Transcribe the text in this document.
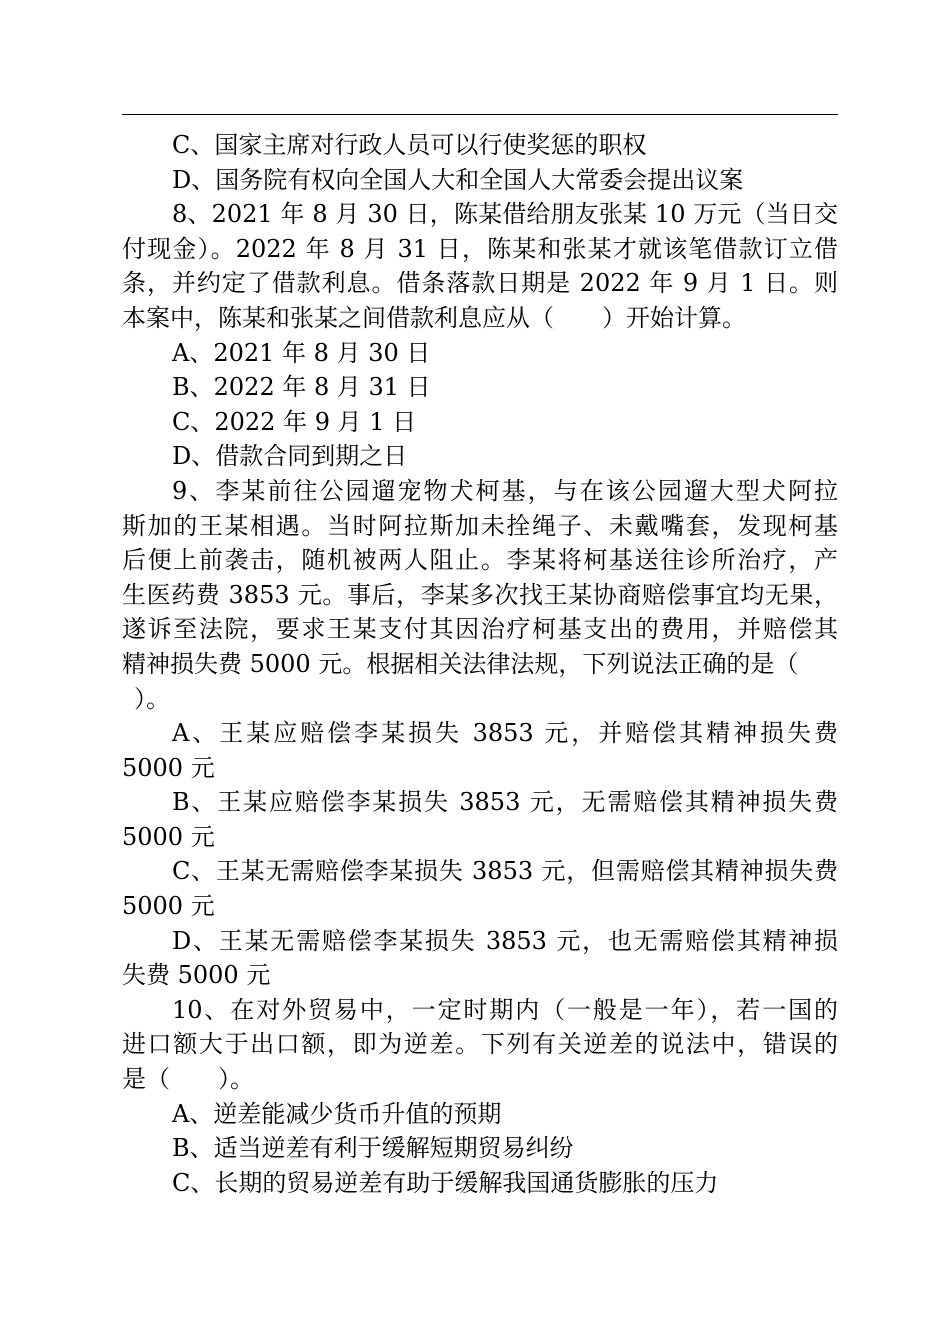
C、国家主席对行政人员可以行使奖惩的职权
D、国务院有权向全国人大和全国人大常委会提出议案
8、2021 年 8 月 30 日，陈某借给朋友张某 10 万元（当日交
付现金）。2022 年 8 月 31 日，陈某和张某才就该笔借款订立借
条，并约定了借款利息。借条落款日期是 2022 年 9 月 1 日。则
本案中，陈某和张某之间借款利息应从（　　）开始计算。
A、2021 年 8 月 30 日
B、2022 年 8 月 31 日
C、2022 年 9 月 1 日
D、借款合同到期之日
9、李某前往公园遛宠物犬柯基，与在该公园遛大型犬阿拉
斯加的王某相遇。当时阿拉斯加未拴绳子、未戴嘴套，发现柯基
后便上前袭击，随机被两人阻止。李某将柯基送往诊所治疗，产
生医药费 3853 元。事后，李某多次找王某协商赔偿事宜均无果，
遂诉至法院，要求王某支付其因治疗柯基支出的费用，并赔偿其
精神损失费 5000 元。根据相关法律法规，下列说法正确的是（
）。
A、王某应赔偿李某损失 3853 元，并赔偿其精神损失费
5000 元
B、王某应赔偿李某损失 3853 元，无需赔偿其精神损失费
5000 元
C、王某无需赔偿李某损失 3853 元，但需赔偿其精神损失费
5000 元
D、王某无需赔偿李某损失 3853 元，也无需赔偿其精神损
失费 5000 元
10、在对外贸易中，一定时期内（一般是一年），若一国的
进口额大于出口额，即为逆差。下列有关逆差的说法中，错误的
是（　　）。
A、逆差能减少货币升值的预期
B、适当逆差有利于缓解短期贸易纠纷
C、长期的贸易逆差有助于缓解我国通货膨胀的压力
